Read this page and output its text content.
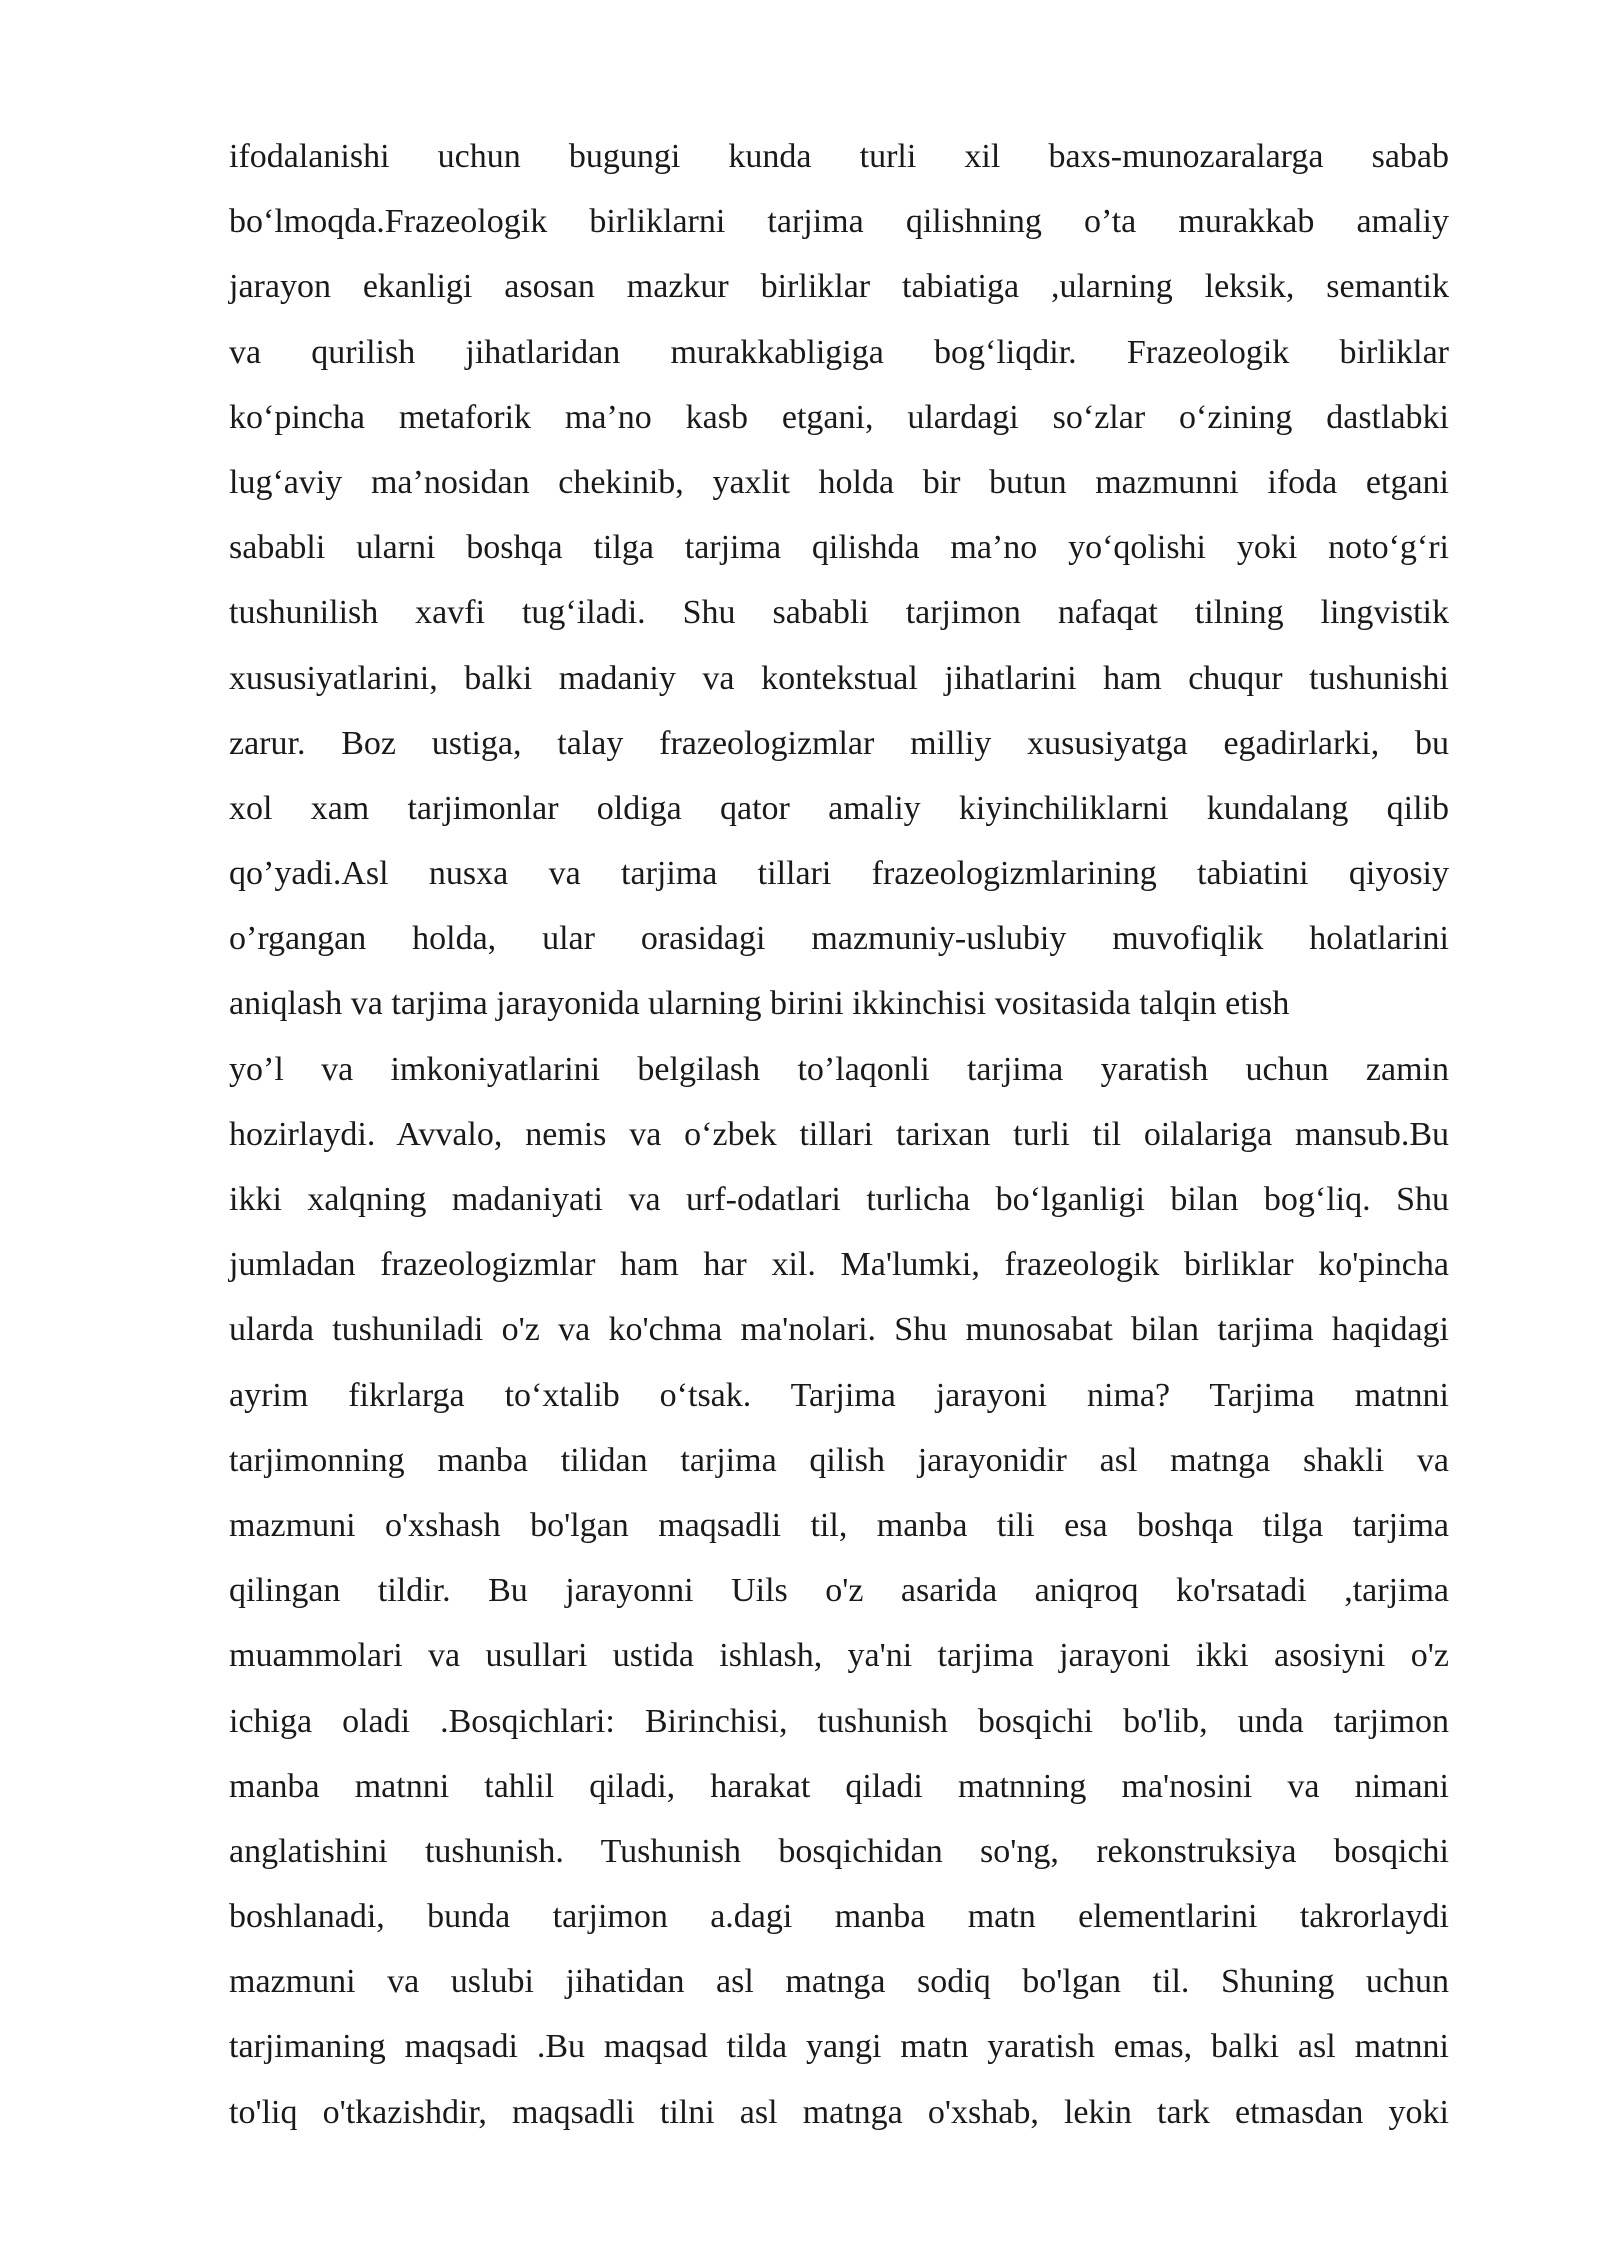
ifodalanishi uchun bugungi kunda turli xil baxs-munozaralarga sabab
bo‘lmoqda.Frazeologik birliklarni tarjima qilishning o’ta murakkab amaliy
jarayon ekanligi asosan mazkur birliklar tabiatiga ,ularning leksik, semantik
va qurilish jihatlaridan murakkabligiga bog‘liqdir. Frazeologik birliklar
ko‘pincha metaforik ma’no kasb etgani, ulardagi so‘zlar o‘zining dastlabki
lug‘aviy ma’nosidan chekinib, yaxlit holda bir butun mazmunni ifoda etgani
sababli ularni boshqa tilga tarjima qilishda ma’no yo‘qolishi yoki noto‘g‘ri
tushunilish xavfi tug‘iladi. Shu sababli tarjimon nafaqat tilning lingvistik
xususiyatlarini, balki madaniy va kontekstual jihatlarini ham chuqur tushunishi
zarur. Boz ustiga, talay frazeologizmlar milliy xususiyatga egadirlarki, bu
xol xam tarjimonlar oldiga qator amaliy kiyinchiliklarni kundalang qilib
qo’yadi.Asl nusxa va tarjima tillari frazeologizmlarining tabiatini qiyosiy
o’rgangan holda, ular orasidagi mazmuniy-uslubiy muvofiqlik holatlarini
aniqlash va tarjima jarayonida ularning birini ikkinchisi vositasida talqin etish
yo’l va imkoniyatlarini belgilash to’laqonli tarjima yaratish uchun zamin
hozirlaydi. Avvalo, nemis va o‘zbek tillari tarixan turli til oilalariga mansub.Bu
ikki xalqning madaniyati va urf-odatlari turlicha bo‘lganligi bilan bog‘liq. Shu
jumladan frazeologizmlar ham har xil. Ma'lumki, frazeologik birliklar ko'pincha
ularda tushuniladi o'z va ko'chma ma'nolari. Shu munosabat bilan tarjima haqidagi
ayrim fikrlarga to‘xtalib o‘tsak. Tarjima jarayoni nima? Tarjima matnni
tarjimonning manba tilidan tarjima qilish jarayonidir asl matnga shakli va
mazmuni o'xshash bo'lgan maqsadli til, manba tili esa boshqa tilga tarjima
qilingan tildir. Bu jarayonni Uils o'z asarida aniqroq ko'rsatadi ,tarjima
muammolari va usullari ustida ishlash, ya'ni tarjima jarayoni ikki asosiyni o'z
ichiga oladi .Bosqichlari: Birinchisi, tushunish bosqichi bo'lib, unda tarjimon
manba matnni tahlil qiladi, harakat qiladi matnning ma'nosini va nimani
anglatishini tushunish. Tushunish bosqichidan so'ng, rekonstruksiya bosqichi
boshlanadi, bunda tarjimon a.dagi manba matn elementlarini takrorlaydi
mazmuni va uslubi jihatidan asl matnga sodiq bo'lgan til. Shuning uchun
tarjimaning maqsadi .Bu maqsad tilda yangi matn yaratish emas, balki asl matnni
to'liq o'tkazishdir, maqsadli tilni asl matnga o'xshab, lekin tark etmasdan yoki
